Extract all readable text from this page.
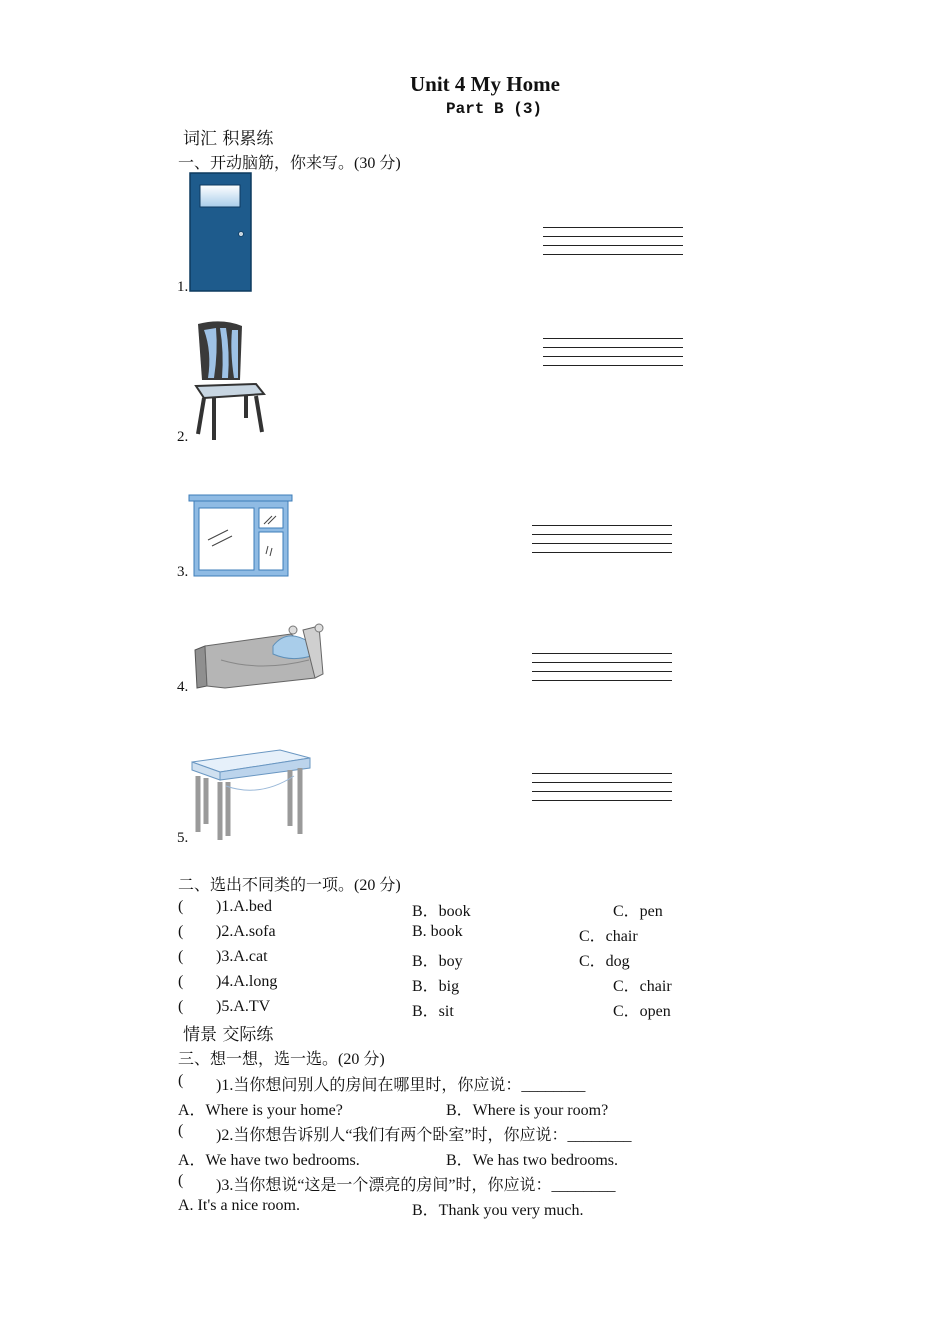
Unit 4 My Home
Part B (3)
词汇 积累练
一、开动脑筋，你来写。(30 分)
1.
2.
3.
4.
5.
二、选出不同类的一项。(20 分)
( )1.A.bed	B．book	C．pen
( )2.A.sofa	B. book	C．chair
( )3.A.cat	B．boy	C．dog
( )4.A.long	B．big	C．chair
( )5.A.TV	B．sit	C．open
情景 交际练
三、想一想，选一选。(20 分)
( )1.当你想问别人的房间在哪里时，你应说：________
A．Where is your home?	B．Where is your room?
( )2.当你想告诉别人“我们有两个卧室”时，你应说：________
A．We have two bedrooms.	B．We has two bedrooms.
( )3.当你想说“这是一个漂亮的房间”时，你应说：________
A. It's a nice room.	B．Thank you very much.
